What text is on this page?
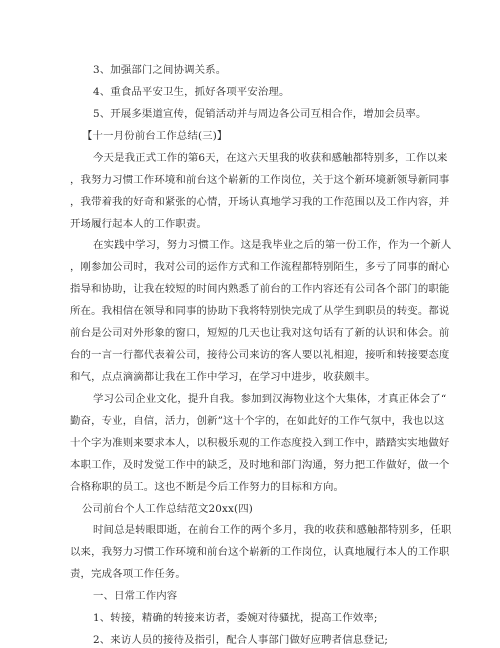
3、加强部门之间协调关系。
4、重食品平安卫生，抓好各项平安治理。
5、开展多渠道宣传，促销活动并与周边各公司互相合作，增加会员率。
【十一月份前台工作总结(三)】
今天是我正式工作的第6天，在这六天里我的收获和感触都特别多，工作以来
，我努力习惯工作环境和前台这个崭新的工作岗位，关于这个新环境新领导新同事
，我带着我的好奇和紧张的心情，开场认真地学习我的工作范围以及工作内容，并
开场履行起本人的工作职责。
在实践中学习，努力习惯工作。这是我毕业之后的第一份工作，作为一个新人
，刚参加公司时，我对公司的运作方式和工作流程都特别陌生，多亏了同事的耐心
指导和协助，让我在较短的时间内熟悉了前台的工作内容还有公司各个部门的职能
所在。我相信在领导和同事的协助下我将特别快完成了从学生到职员的转变。都说
前台是公司对外形象的窗口，短短的几天也让我对这句话有了新的认识和体会。前
台的一言一行都代表着公司，接待公司来访的客人要以礼相迎，接听和转接要态度
和气，点点滴滴都让我在工作中学习，在学习中进步，收获颇丰。
学习公司企业文化，提升自我。参加到汉海物业这个大集体，才真正体会了“
勤奋，专业，自信，活力，创新”这十个字的，在如此好的工作气氛中，我也以这
十个字为准则来要求本人，以积极乐观的工作态度投入到工作中，踏踏实实地做好
本职工作，及时发觉工作中的缺乏，及时地和部门沟通，努力把工作做好，做一个
合格称职的员工。这也不断是今后工作努力的目标和方向。
公司前台个人工作总结范文20xx(四)
时间总是转眼即逝，在前台工作的两个多月，我的收获和感触都特别多，任职
以来，我努力习惯工作环境和前台这个崭新的工作岗位，认真地履行本人的工作职
责，完成各项工作任务。
一、日常工作内容
1、转接，精确的转接来访者，委婉对待骚扰，提高工作效率;
2、来访人员的接待及指引，配合人事部门做好应聘者信息登记;
